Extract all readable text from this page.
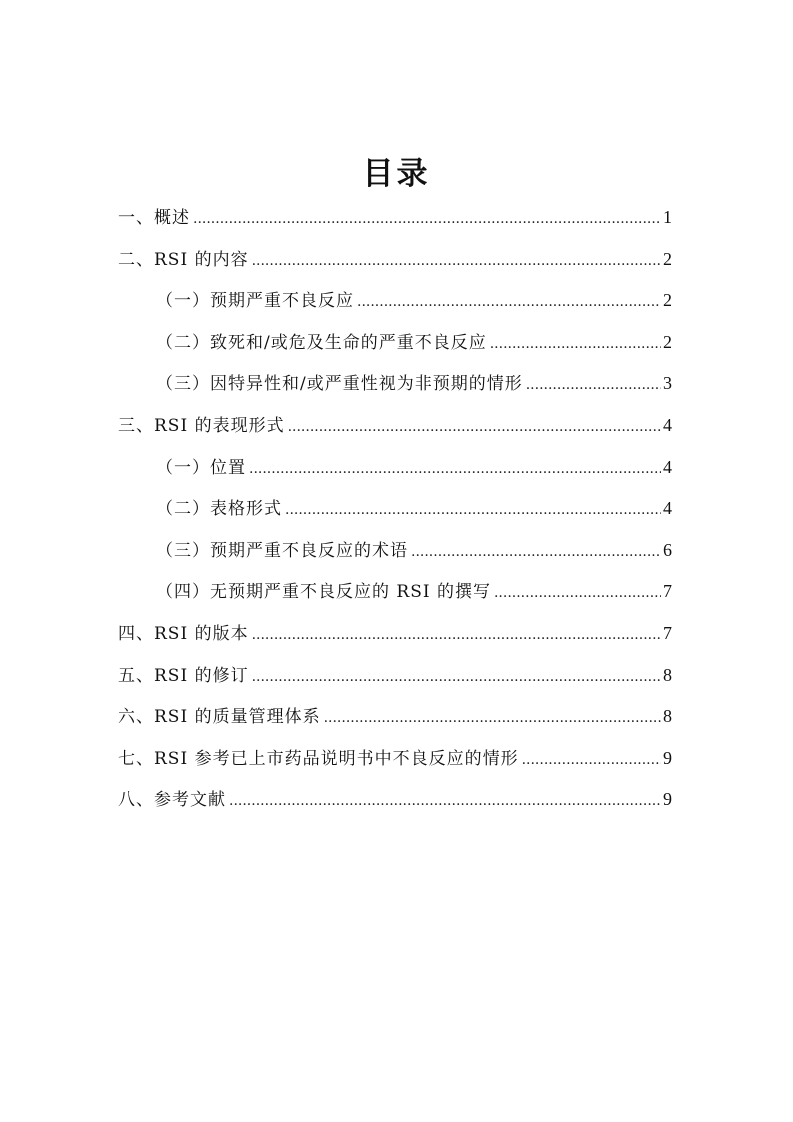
目录
一、概述 .....	1
二、RSI 的内容 .....	2
（一）预期严重不良反应 .....	2
（二）致死和/或危及生命的严重不良反应 .....	2
（三）因特异性和/或严重性视为非预期的情形 .....	3
三、RSI 的表现形式 .....	4
（一）位置 .....	4
（二）表格形式 .....	4
（三）预期严重不良反应的术语 .....	6
（四）无预期严重不良反应的 RSI 的撰写 .....	7
四、RSI 的版本 .....	7
五、RSI 的修订 .....	8
六、RSI 的质量管理体系 .....	8
七、RSI 参考已上市药品说明书中不良反应的情形 .....	9
八、参考文献 .....	9
